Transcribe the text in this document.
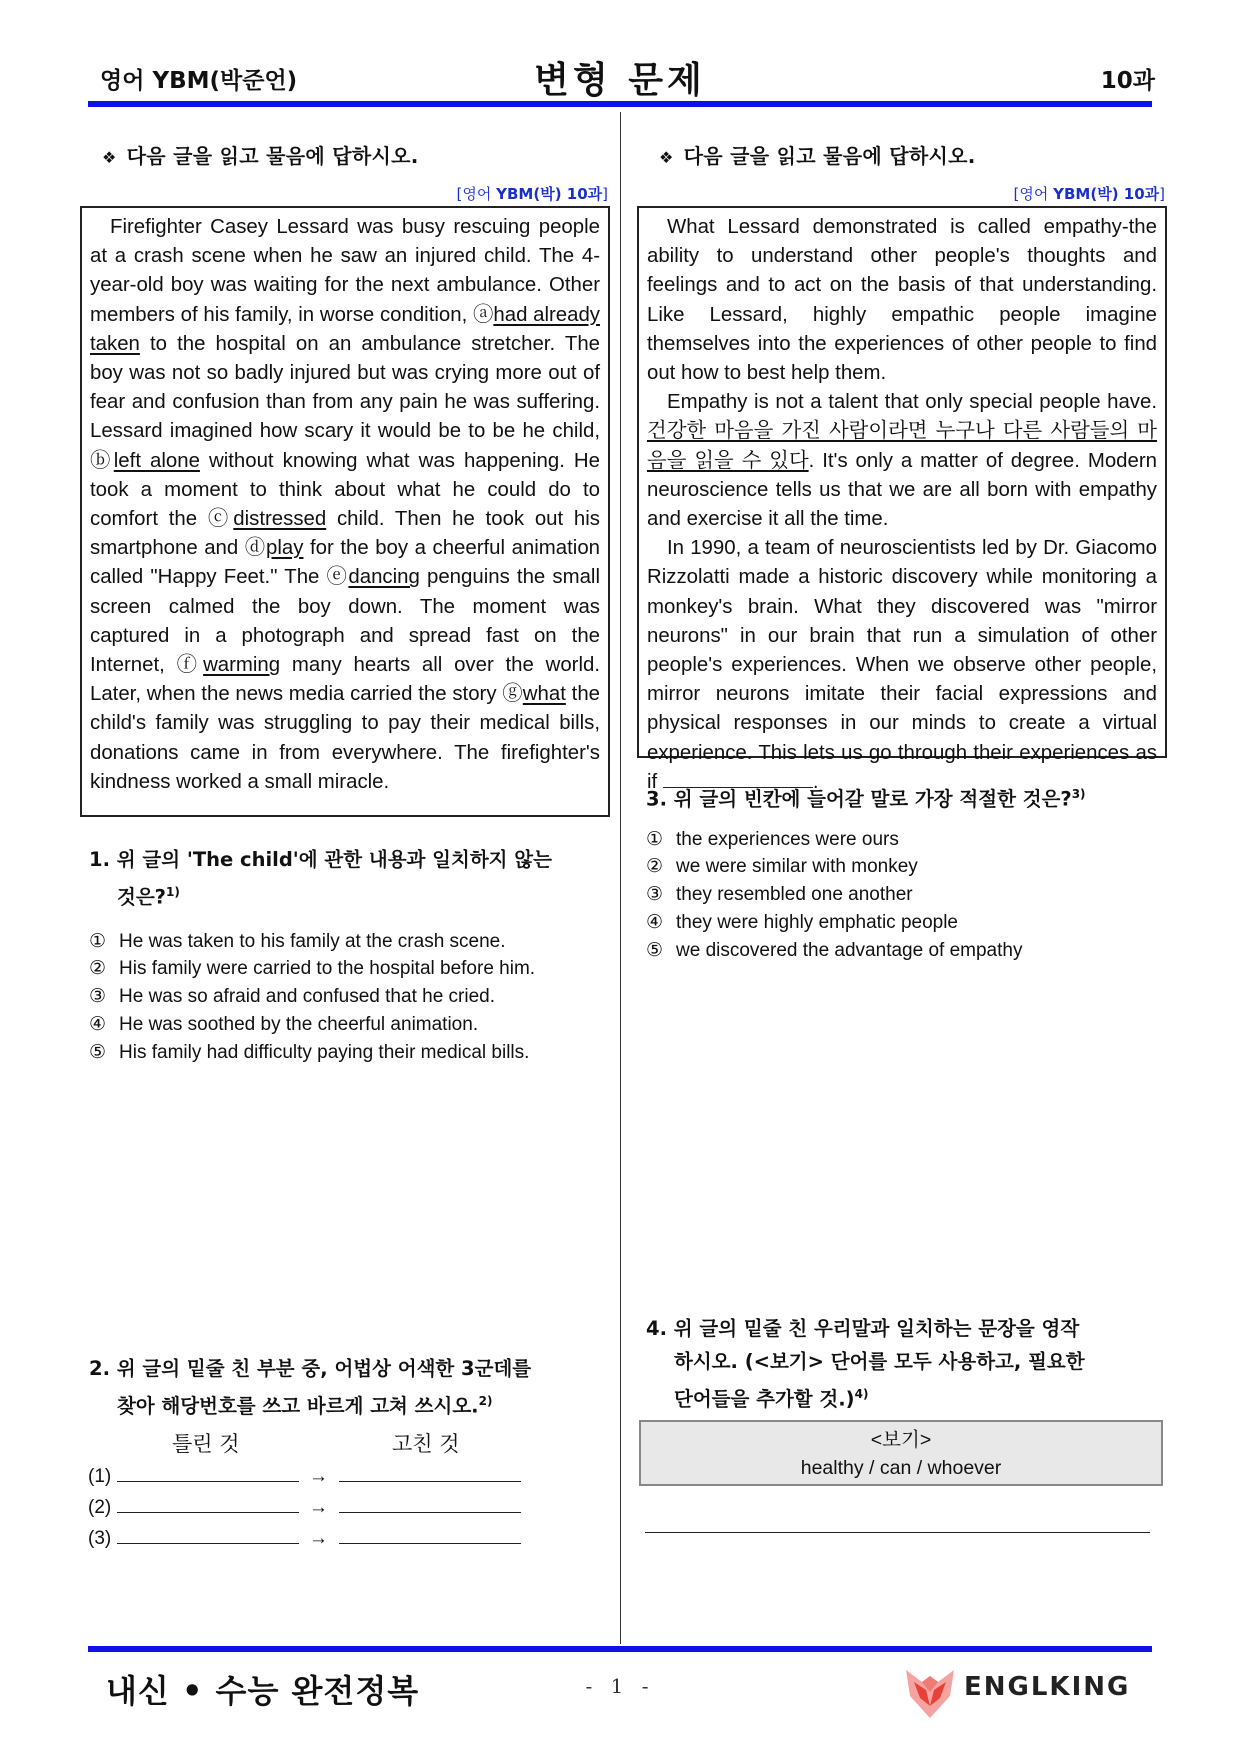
영어 YBM(박준언)	변형 문제	10과
❖ 다음 글을 읽고 물음에 답하시오.
[영어 YBM(박) 10과]

Firefighter Casey Lessard was busy rescuing people at a crash scene when he saw an injured child. The 4-year-old boy was waiting for the next ambulance. Other members of his family, in worse condition, ⓐhad already taken to the hospital on an ambulance stretcher. The boy was not so badly injured but was crying more out of fear and confusion than from any pain he was suffering. Lessard imagined how scary it would be to be he child, ⓑleft alone without knowing what was happening. He took a moment to think about what he could do to comfort the ⓒdistressed child. Then he took out his smartphone and ⓓplay for the boy a cheerful animation called "Happy Feet." The ⓔdancing penguins the small screen calmed the boy down. The moment was captured in a photograph and spread fast on the Internet, ⓕwarming many hearts all over the world. Later, when the news media carried the story ⓖwhat the child's family was struggling to pay their medical bills, donations came in from everywhere. The firefighter's kindness worked a small miracle.

1. 위 글의 'The child'에 관한 내용과 일치하지 않는
것은?$^{1)}$
① He was taken to his family at the crash scene.
② His family were carried to the hospital before him.
③ He was so afraid and confused that he cried.
④ He was soothed by the cheerful animation.
⑤ His family had difficulty paying their medical bills.
2. 위 글의 밑줄 친 부분 중, 어법상 어색한 3군데를
찾아 해당번호를 쓰고 바르게 고쳐 쓰시오.$^{2)}$
틀린 것	고친 것
(1)	→
(2)	→
(3)	→
❖ 다음 글을 읽고 물음에 답하시오.
[영어 YBM(박) 10과]

What Lessard demonstrated is called empathy-the ability to understand other people's thoughts and feelings and to act on the basis of that understanding. Like Lessard, highly empathic people imagine themselves into the experiences of other people to find out how to best help them.

Empathy is not a talent that only special people have. 건강한 마음을 가진 사람이라면 누구나 다른 사람들의 마음을 읽을 수 있다. It's only a matter of degree. Modern neuroscience tells us that we are all born with empathy and exercise it all the time.

In 1990, a team of neuroscientists led by Dr. Giacomo Rizzolatti made a historic discovery while monitoring a monkey's brain. What they discovered was "mirror neurons" in our brain that run a simulation of other people's experiences. When we observe other people, mirror neurons imitate their facial expressions and physical responses in our minds to create a virtual experience. This lets us go through their experiences as if	.

3. 위 글의 빈칸에 들어갈 말로 가장 적절한 것은?$^{3)}$
① the experiences were ours
② we were similar with monkey
③ they resembled one another
④ they were highly emphatic people
⑤ we discovered the advantage of empathy
4. 위 글의 밑줄 친 우리말과 일치하는 문장을 영작
하시오. (<보기> 단어를 모두 사용하고, 필요한
단어들을 추가할 것.)$^{4)}$
<보기>
healthy / can / whoever
내신 • 수능 완전정복	- 1 -	ENGLKING
